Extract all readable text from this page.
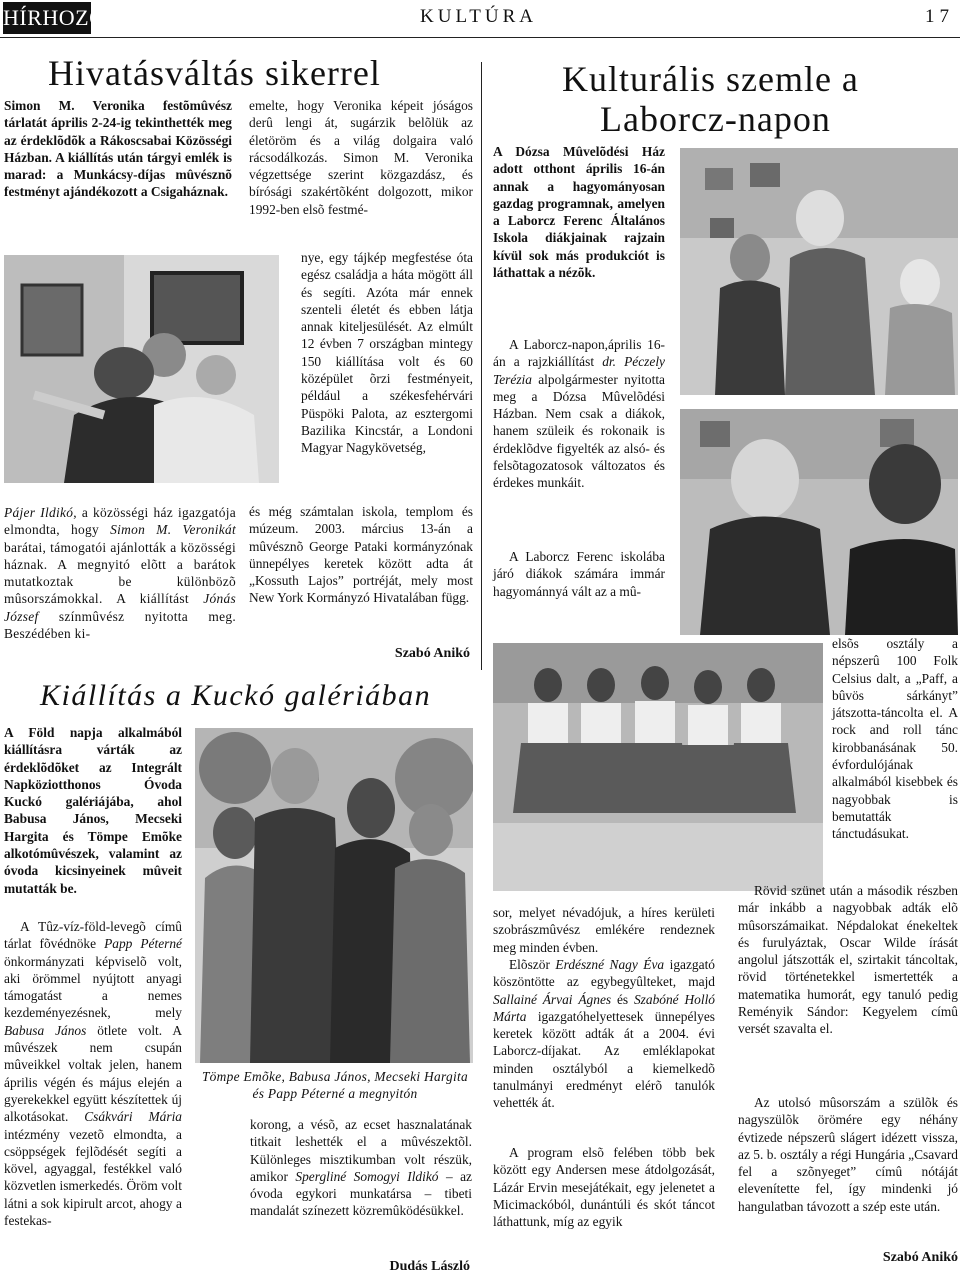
HÍRHOZÓ	KULTÚRA	17
Hivatásváltás sikerrel
Simon M. Veronika festõmûvész tárlatát április 2-24-ig tekinthették meg az érdeklõdõk a Rákoscsabai Közösségi Házban. A kiállítás után tárgyi emlék is marad: a Munkácsy-díjas mûvésznõ festményt ajándékozott a Csigaháznak.
Pájer Ildikó, a közösségi ház igazgatója elmondta, hogy Simon M. Veronikát barátai, támogatói ajánlották a közösségi háznak. A megnyitó elõtt a barátok mutatkoztak be különbözõ mûsorszámokkal. A kiállítást Jónás József színmûvész nyitotta meg. Beszédében ki-
emelte, hogy Veronika képeit jóságos derû lengi át, sugárzik belõlük az életöröm és a világ dolgaira való rácsodálkozás. Simon M. Veronika végzettsége szerint közgazdász, és bírósági szakértõként dolgozott, mikor 1992-ben elsõ festmé-
nye, egy tájkép megfestése óta egész családja a háta mögött áll és segíti. Azóta már ennek szenteli életét és ebben látja annak kiteljesülését. Az elmúlt 12 évben 7 országban mintegy 150 kiállítása volt és 60 középület õrzi festményeit, például a székesfehérvári Püspöki Palota, az esztergomi Bazilika Kincstár, a Londoni Magyar Nagykövetség,
és még számtalan iskola, templom és múzeum. 2003. március 13-án a mûvésznõ George Pataki kormányzónak ünnepélyes keretek között adta át „Kossuth Lajos” portréját, mely most New York Kormányzó Hivatalában függ.
Szabó Anikó
Kiállítás a Kuckó galériában
A Föld napja alkalmából kiállításra várták az érdeklõdõket az Integrált Napköziotthonos Óvoda Kuckó galériájába, ahol Babusa János, Mecseki Hargita és Tömpe Emõke alkotómûvészek, valamint az óvoda kicsinyeinek mûveit mutatták be.
A Tûz-víz-föld-levegõ címû tárlat fõvédnöke Papp Péterné önkormányzati képviselõ volt, aki örömmel nyújtott anyagi támogatást a nemes kezdeményezésnek, mely Babusa János ötlete volt. A mûvészek nem csupán mûveikkel voltak jelen, hanem április végén és május elején a gyerekekkel együtt készítettek új alkotásokat. Csákvári Mária intézmény vezetõ elmondta, a csöppségek fejlõdését segíti a kövel, agyaggal, festékkel való közvetlen ismerkedés. Öröm volt látni a sok kipirult arcot, ahogy a festekas-
Tömpe Emõke, Babusa János, Mecseki Hargita és Papp Péterné a megnyitón
korong, a vésõ, az ecset hasznalatának titkait leshették el a mûvészektõl. Különleges misztikumban volt részük, amikor Spergliné Somogyi Ildikó – az óvoda egykori munkatársa – tibeti mandalát színezett közremûködésükkel.
Dudás László
Kulturális szemle a
Laborcz-napon
A Dózsa Mûvelõdési Ház adott otthont április 16-án annak a hagyományosan gazdag programnak, amelyen a Laborcz Ferenc Általános Iskola diákjainak rajzain kívül sok más produkciót is láthattak a nézõk.
A Laborcz-napon,április 16-án a rajzkiállítást dr. Péczely Terézia alpolgármester nyitotta meg a Dózsa Mûvelõdési Házban. Nem csak a diákok, hanem szüleik és rokonaik is érdeklõdve figyelték az alsó- és felsõtagozatosok változatos és érdekes munkáit.
A Laborcz Ferenc iskolába járó diákok számára immár hagyománnyá vált az a mû-
elsõs osztály a népszerû 100 Folk Celsius dalt, a „Paff, a bûvös sárkányt” játszotta-táncolta el. A rock and roll tánc kirobbanásának 50. évfordulójának alkalmából kisebbek és nagyobbak is bemutatták tánctudásukat.
sor, melyet névadójuk, a híres kerületi szobrászmûvész emlékére rendeznek meg minden évben.
Elõször Erdészné Nagy Éva igazgató köszöntötte az egybegyûlteket, majd Sallainé Árvai Ágnes és Szabóné Holló Márta igazgatóhelyettesek ünnepélyes keretek között adták át a 2004. évi Laborcz-díjakat. Az emléklapokat minden osztályból a kiemelkedõ tanulmányi eredményt elérõ tanulók vehették át.
A program elsõ felében több bek között egy Andersen mese átdolgozását, Lázár Ervin mesejátékait, egy jelenetet a Micimackóból, dunántúli és skót táncot láthattunk, míg az egyik
Rövid szünet után a második részben már inkább a nagyobbak adták elõ mûsorszámaikat. Népdalokat énekeltek és furulyáztak, Oscar Wilde írását angolul játszották el, szirtakit táncoltak, rövid történetekkel ismertették a matematika humorát, egy tanuló pedig Reményik Sándor: Kegyelem címû versét szavalta el.
Az utolsó mûsorszám a szülõk és nagyszülõk örömére egy néhány évtizede népszerû slágert idézett vissza, az 5. b. osztály a régi Hungária „Csavard fel a szõnyeget” címû nótáját elevenítette fel, így mindenki jó hangulatban távozott a szép este után.
Szabó Anikó
